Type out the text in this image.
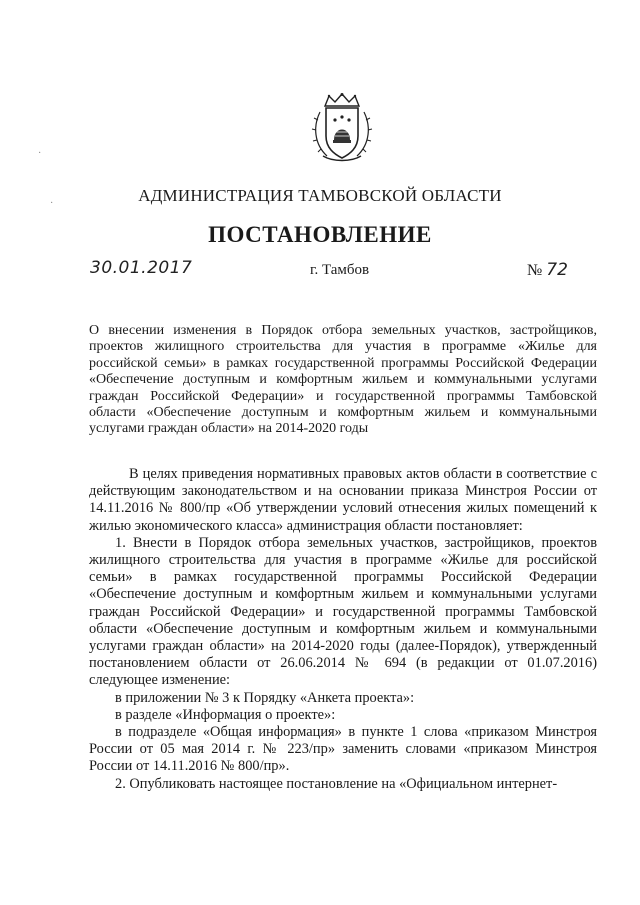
АДМИНИСТРАЦИЯ ТАМБОВСКОЙ ОБЛАСТИ
ПОСТАНОВЛЕНИЕ
30.01.2017	г. Тамбов	№ 72
О внесении изменения в Порядок отбора земельных участков, застройщиков, проектов жилищного строительства для участия в программе «Жилье для российской семьи» в рамках государственной программы Российской Федерации «Обеспечение доступным и комфортным жильем и коммунальными услугами граждан Российской Федерации» и государственной программы Тамбовской области «Обеспечение доступным и комфортным жильем и коммунальными услугами граждан области» на 2014-2020 годы

В целях приведения нормативных правовых актов области в соответствие с действующим законодательством и на основании приказа Минстроя России от 14.11.2016 № 800/пр «Об утверждении условий отнесения жилых помещений к жилью экономического класса» администрация области постановляет:

1. Внести в Порядок отбора земельных участков, застройщиков, проектов жилищного строительства для участия в программе «Жилье для российской семьи» в рамках государственной программы Российской Федерации «Обеспечение доступным и комфортным жильем и коммунальными услугами граждан Российской Федерации» и государственной программы Тамбовской области «Обеспечение доступным и комфортным жильем и коммунальными услугами граждан области» на 2014-2020 годы (далее-Порядок), утвержденный постановлением области от 26.06.2014 № 694 (в редакции от 01.07.2016) следующее изменение:

в приложении № 3 к Порядку «Анкета проекта»:

в разделе «Информация о проекте»:

в подразделе «Общая информация» в пункте 1 слова «приказом Минстроя России от 05 мая 2014 г. № 223/пр» заменить словами «приказом Минстроя России от 14.11.2016 № 800/пр».

2. Опубликовать настоящее постановление на «Официальном интернет-

·
·
